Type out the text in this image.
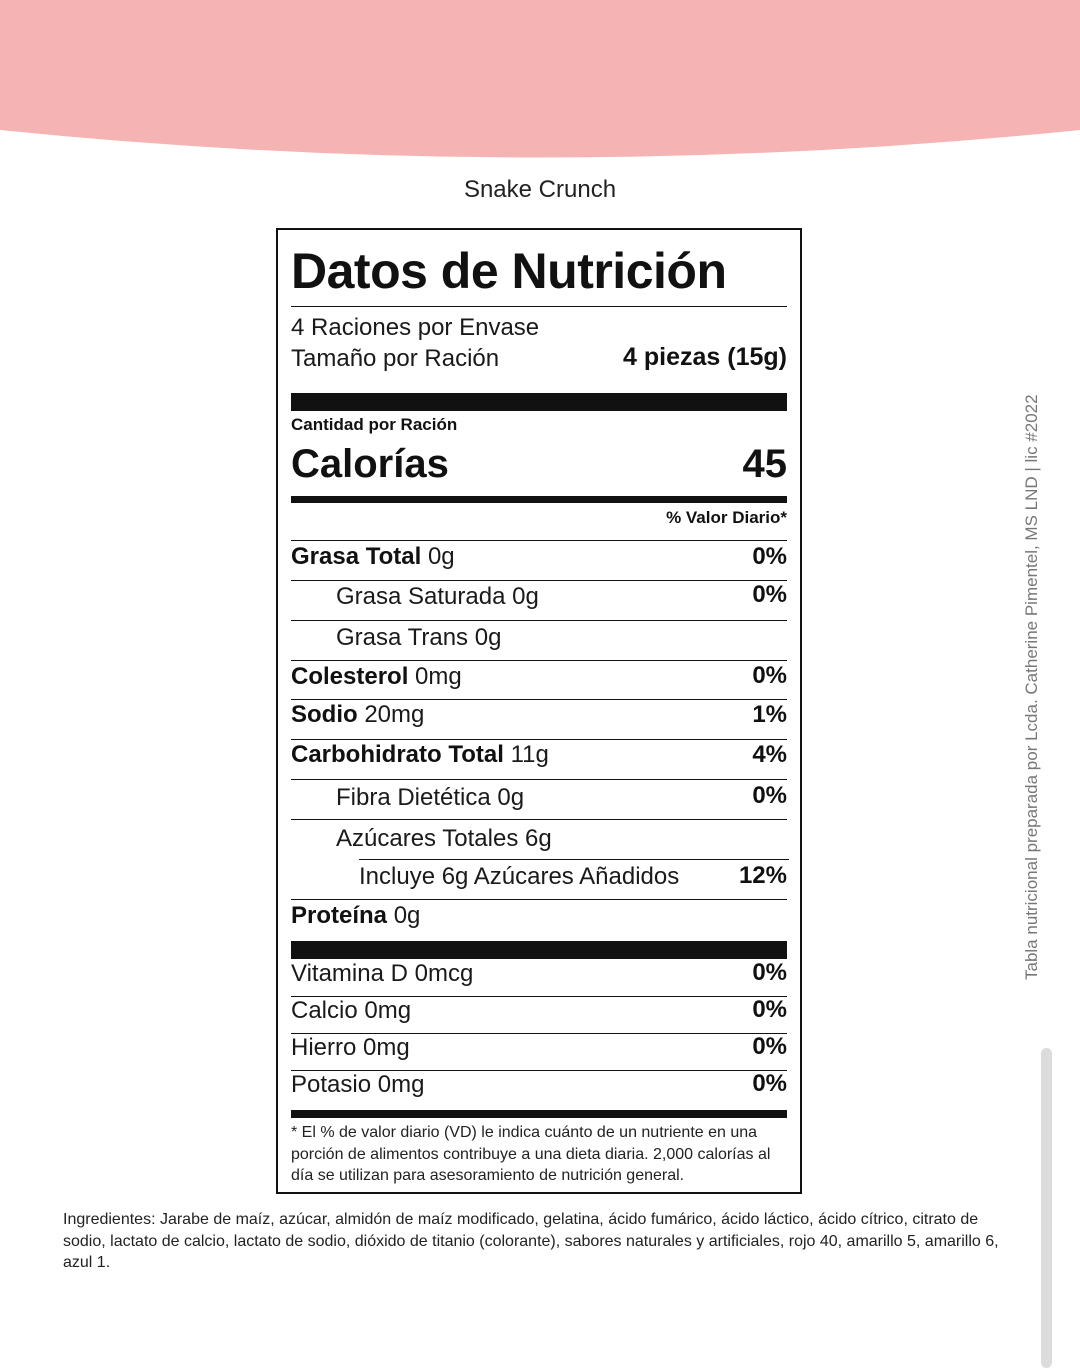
Snake Crunch
Datos de Nutrición
4 Raciones por Envase
Tamaño por Ración	4 piezas (15g)
Cantidad por Ración
Calorías	45
% Valor Diario*
Grasa Total 0g	0%
Grasa Saturada 0g	0%
Grasa Trans 0g
Colesterol 0mg	0%
Sodio 20mg	1%
Carbohidrato Total 11g	4%
Fibra Dietética 0g	0%
Azúcares Totales 6g
Incluye 6g Azúcares Añadidos 12%
Proteína 0g
Vitamina D 0mcg	0%
Calcio 0mg	0%
Hierro 0mg	0%
Potasio 0mg	0%
* El % de valor diario (VD) le indica cuánto de un nutriente en una porción de alimentos contribuye a una dieta diaria. 2,000 calorías al día se utilizan para asesoramiento de nutrición general.
Tabla nutricional preparada por Lcda. Catherine Pimentel, MS LND | lic #2022
Ingredientes: Jarabe de maíz, azúcar, almidón de maíz modificado, gelatina, ácido fumárico, ácido láctico, ácido cítrico, citrato de sodio, lactato de calcio, lactato de sodio, dióxido de titanio (colorante), sabores naturales y artificiales, rojo 40, amarillo 5, amarillo 6, azul 1.
